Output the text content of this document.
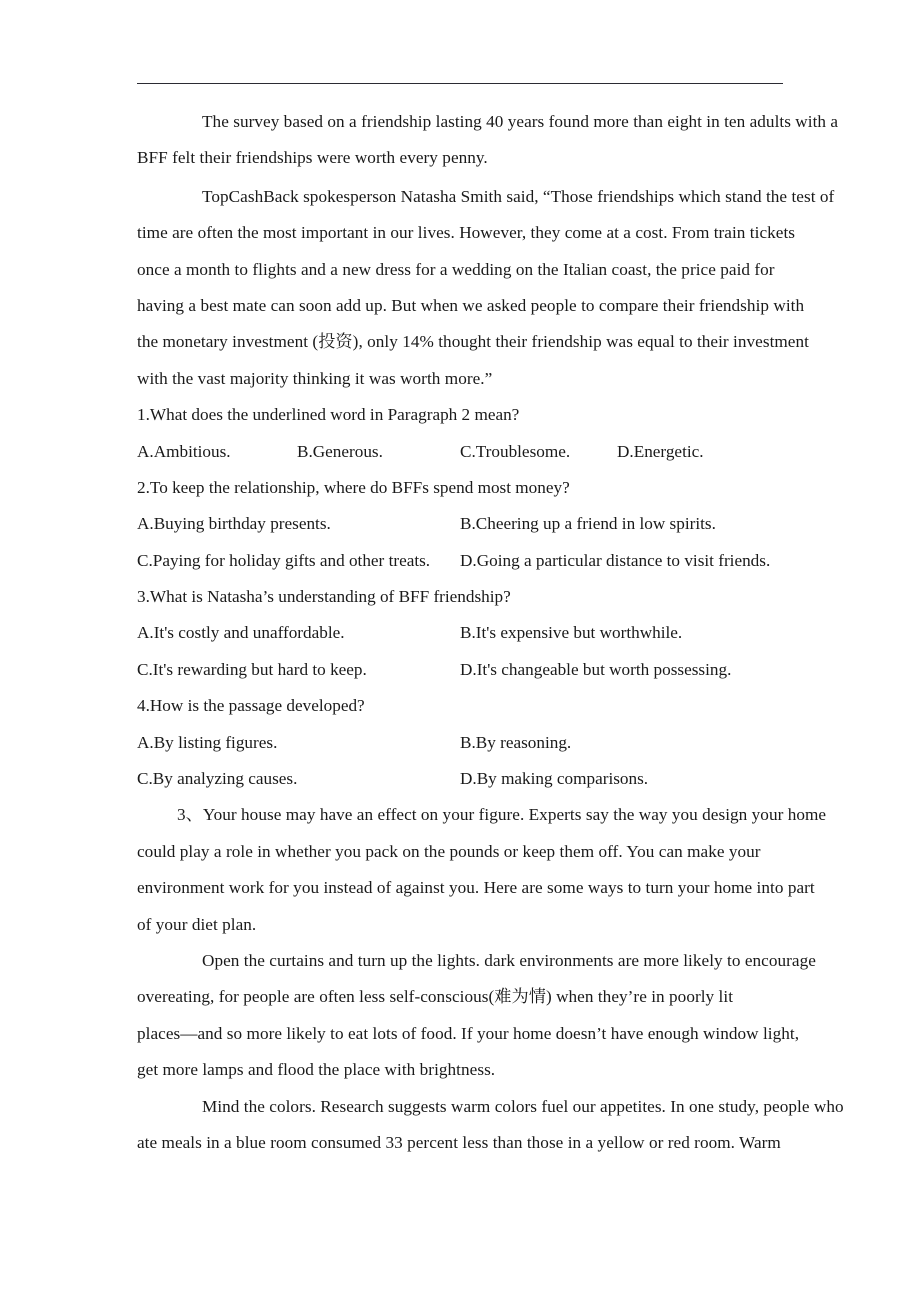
The survey based on a friendship lasting 40 years found more than eight in ten adults with a
BFF felt their friendships were worth every penny.
TopCashBack spokesperson Natasha Smith said, “Those friendships which stand the test of
time are often the most important in our lives. However, they come at a cost. From train tickets
once a month to flights and a new dress for a wedding on the Italian coast, the price paid for
having a best mate can soon add up. But when we asked people to compare their friendship with
the monetary investment (投资), only 14% thought their friendship was equal to their investment
with the vast majority thinking it was worth more.”
1.What does the underlined word in Paragraph 2 mean?

A.Ambitious.

	B.Generous.

	C.Troublesome.

	D.Energetic.

2.To keep the relationship, where do BFFs spend most money?

A.Buying birthday presents.

	B.Cheering up a friend in low spirits.

C.Paying for holiday gifts and other treats.

D.Going a particular distance to visit friends.

3.What is Natasha’s understanding of BFF friendship?

A.It's costly and unaffordable.

	B.It's expensive but worthwhile.

C.It's rewarding but hard to keep.

	D.It's changeable but worth possessing.

4.How is the passage developed?

A.By listing figures.

	B.By reasoning.

C.By analyzing causes.

	D.By making comparisons.

3、Your house may have an effect on your figure. Experts say the way you design your home
could play a role in whether you pack on the pounds or keep them off. You can make your
environment work for you instead of against you. Here are some ways to turn your home into part
of your diet plan.
Open the curtains and turn up the lights. dark environments are more likely to encourage
overeating, for people are often less self-conscious(难为情) when they’re in poorly lit
places—and so more likely to eat lots of food. If your home doesn’t have enough window light,
get more lamps and flood the place with brightness.
Mind the colors. Research suggests warm colors fuel our appetites. In one study, people who
ate meals in a blue room consumed 33 percent less than those in a yellow or red room. Warm
